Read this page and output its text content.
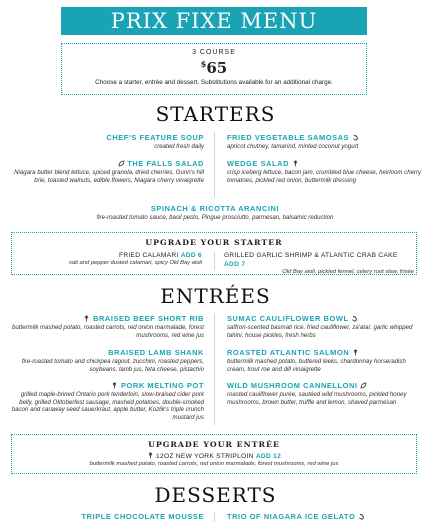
PRIX FIXE MENU
3 COURSE
$65
Choose a starter, entrée and dessert. Substitutions available for an additional charge.
STARTERS
CHEF'S FEATURE SOUP
created fresh daily
THE FALLS SALAD
Niagara butter blend lettuce, spiced granola, dried cherries, Gunn's hill brie, toasted walnuts, edible flowers, Niagara cherry vinaigrette
FRIED VEGETABLE SAMOSAS
apricot chutney, tamarind, minted coconut yogurt
WEDGE SALAD
crisp iceberg lettuce, bacon jam, crumbled blue cheese, heirloom cherry tomatoes, pickled red onion, buttermilk dressing
SPINACH & RICOTTA ARANCINI
fire-roasted tomato sauce, basil pesto, Pingue prosciutto, parmesan, balsamic reduction
UPGRADE YOUR STARTER
FRIED CALAMARI ADD 6
salt and pepper dusted calamari, spicy Old Bay aioli
GRILLED GARLIC SHRIMP & ATLANTIC CRAB CAKE ADD 7
Old Bay aioli, pickled fennel, celery root slaw, frisée
ENTRÉES
BRAISED BEEF SHORT RIB
buttermilk mashed potato, roasted carrots, red onion marmalade, forest mushrooms, red wine jus
BRAISED LAMB SHANK
fire-roasted tomato and chickpea ragout, zucchini, roasted peppers, soybeans, lamb jus, feta cheese, pistachio
PORK MELTING POT
grilled maple-brined Ontario pork tenderloin, slow-braised cider pork belly, grilled Oktoberfest sausage, mashed potatoes, double-smoked bacon and caraway seed sauerkraut, apple butter, Kozlik's triple crunch mustard jus
SUMAC CAULIFLOWER BOWL
saffron-scented basmati rice, fried cauliflower, za'atar, garlic whipped tahini, house pickles, fresh herbs
ROASTED ATLANTIC SALMON
buttermilk mashed potato, buttered leeks, chardonnay horseradish cream, trout roe and dill vinaigrette
WILD MUSHROOM CANNELLONI
roasted cauliflower purée, sautéed wild mushrooms, pickled honey mushrooms, brown butter, truffle and lemon, shaved parmesan
UPGRADE YOUR ENTRÉE
12OZ NEW YORK STRIPLOIN ADD 12
buttermilk mashed potato, roasted carrots, red onion marmalade, forest mushrooms, red wine jus
DESSERTS
TRIPLE CHOCOLATE MOUSSE	TRIO OF NIAGARA ICE GELATO
